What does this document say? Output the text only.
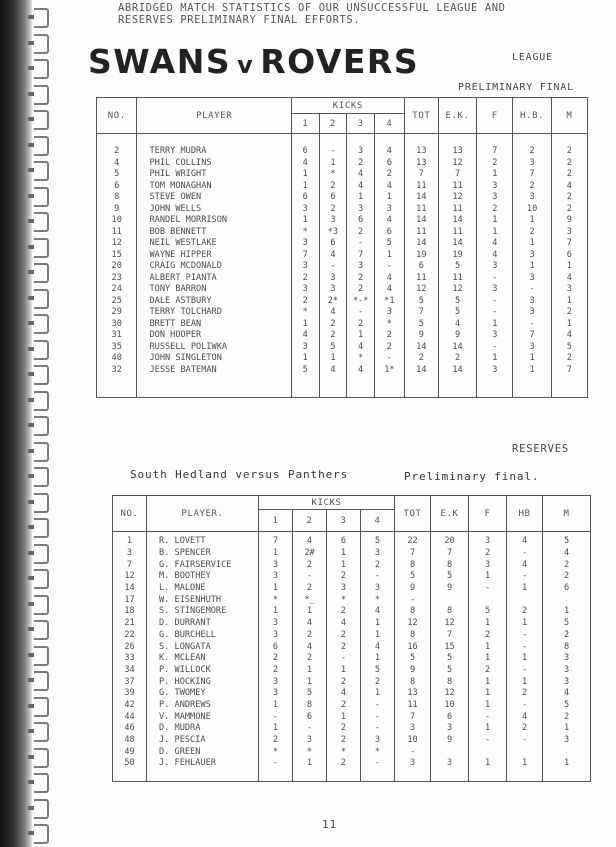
ABRIDGED MATCH STATISTICS OF OUR UNSUCCESSFUL LEAGUE AND
RESERVES PRELIMINARY FINAL EFFORTS.
SWANS v ROVERS	LEAGUE
PRELIMINARY FINAL
NO.	PLAYER	KICKS				TOT	E.K.	F	H.B.	M
		1	2	3	4					

2	TERRY MUDRA	6	-	3	4	13	13	7	2	2
4	PHIL COLLINS	4	1	2	6	13	12	2	3	2
5	PHIL WRIGHT	1	*	4	2	7	7	1	7	2
6	TOM MONAGHAN	1	2	4	4	11	11	3	2	4
8	STEVE OWEN	6	6	1	1	14	12	3	3	2
9	JOHN WELLS	3	2	3	3	11	11	2	10	2
10	RANDEL MORRISON	1	3	6	4	14	14	1	1	9
11	BOB BENNETT	*	*3	2	6	11	11	1	2	3
12	NEIL WESTLAKE	3	6	-	5	14	14	4	1	7
15	WAYNE HIPPER	7	4	7	1	19	19	4	3	6
20	CRAIG MCDONALD	3	-	3	-	6	5	3	1	1
23	ALBERT PIANTA	2	3	2	4	11	11	-	3	4
24	TONY BARRON	3	3	2	4	12	12	3	-	3
25	DALE ASTBURY	2	2*	*-*	*1	5	5	-	3	1
29	TERRY TOLCHARD	*	4	-	3	7	5	-	3	2
30	BRETT BEAN	1	2	2	*	5	4	1	-	1
31	DON HOOPER	4	2	1	2	9	9	3	7	4
35	RUSSELL POLIWKA	3	5	4	2	14	14	-	3	5
40	JOHN SINGLETON	1	1	*	-	2	2	1	1	2
32	JESSE BATEMAN	5	4	4	1*	14	14	3	1	7

RESERVES
South Hedland versus Panthers	Preliminary final.
NO.	PLAYER.	KICKS				TOT	E.K	F	HB	M
		1	2	3	4					

1	R. LOVETT	7	4	6	5	22	20	3	4	5
3	B. SPENCER	1	2#	1	3	7	7	2	-	4
7	G. FAIRSERVICE	3	2	1	2	8	8	3	4	2
12	M. BOOTHEY	3	-	2	-	5	5	1	-	2
14	L. MALONE	1	2	3	3	9	9	-	1	6
17	W. EISENHUTH	*	*_	*	*	-				
18	S. STINGEMORE	1	1	2	4	8	8	5	2	1
21	D. DURRANT	3	4	4	1	12	12	1	1	5
22	G. BURCHELL	3	2	2	1	8	7	2	-	2
26	S. LONGATA	6	4	2	4	16	15	1	-	8
33	K. MCLEAN	2	2	-	1	5	5	1	1	3
34	P. WILLOCK	2	1	1	5	9	5	2	-	3
37	P. HOCKING	3	1	2	2	8	8	1	1	3
39	G. TWOMEY	3	5	4	1	13	12	1	2	4
42	P. ANDREWS	1	8	2	-	11	10	1	-	5
44	V. MAMMONE	-	6	1	-	7	6	-	4	2
46	D. MUDRA	1	-	2	-	3	3	1	2	1
48	J. PESCIA	2	3	2	3	10	9	-	-	3
49	D. GREEN	*	*	*	*	-				
50	J. FEHLAUER	-	1	2	-	3	3	1	1	1

11
